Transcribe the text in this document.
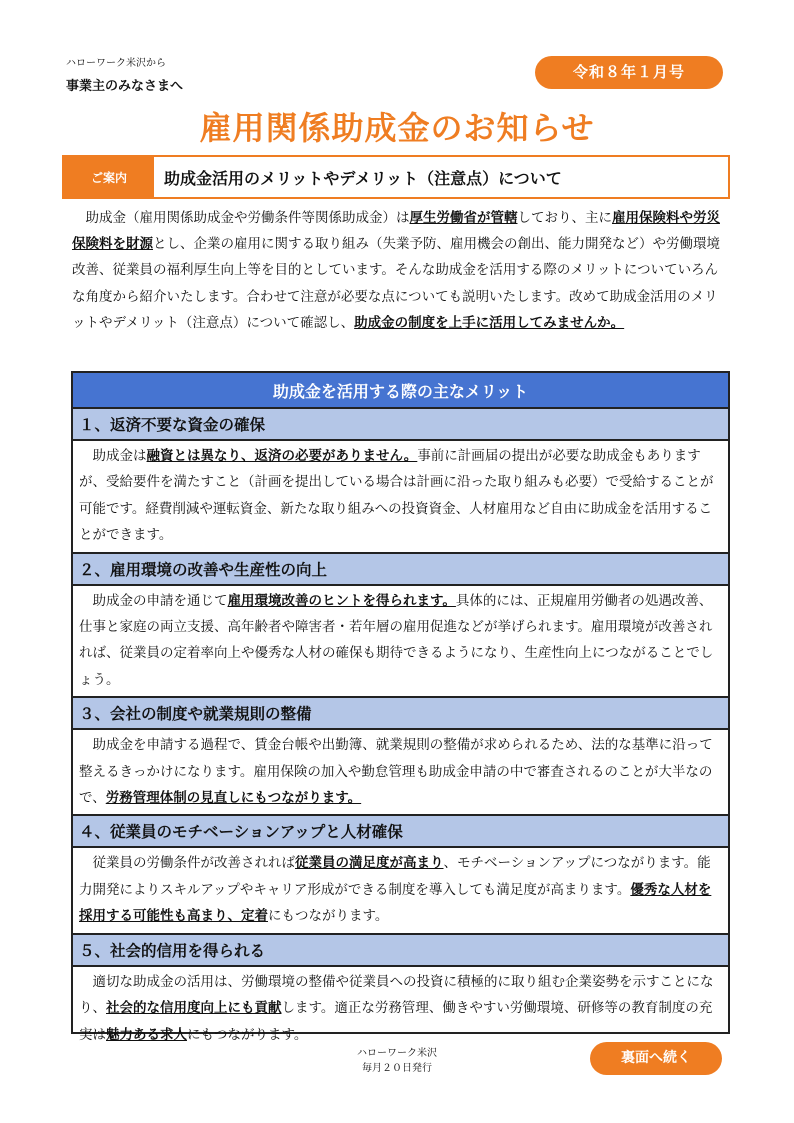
ハローワーク米沢から
事業主のみなさまへ
令和８年１月号
雇用関係助成金のお知らせ
ご案内	助成金活用のメリットやデメリット（注意点）について

助成金（雇用関係助成金や労働条件等関係助成金）は厚生労働省が管轄しており、主に雇用保険料や労災保険料を財源とし、企業の雇用に関する取り組み（失業予防、雇用機会の創出、能力開発など）や労働環境改善、従業員の福利厚生向上等を目的としています。そんな助成金を活用する際のメリットについていろんな角度から紹介いたします。合わせて注意が必要な点についても説明いたします。改めて助成金活用のメリットやデメリット（注意点）について確認し、助成金の制度を上手に活用してみませんか。

助成金を活用する際の主なメリット
１、返済不要な資金の確保

助成金は融資とは異なり、返済の必要がありません。事前に計画届の提出が必要な助成金もありますが、受給要件を満たすこと（計画を提出している場合は計画に沿った取り組みも必要）で受給することが可能です。経費削減や運転資金、新たな取り組みへの投資資金、人材雇用など自由に助成金を活用することができます。

２、雇用環境の改善や生産性の向上

助成金の申請を通じて雇用環境改善のヒントを得られます。具体的には、正規雇用労働者の処遇改善、仕事と家庭の両立支援、高年齢者や障害者・若年層の雇用促進などが挙げられます。雇用環境が改善されれば、従業員の定着率向上や優秀な人材の確保も期待できるようになり、生産性向上につながることでしょう。

３、会社の制度や就業規則の整備

助成金を申請する過程で、賃金台帳や出勤簿、就業規則の整備が求められるため、法的な基準に沿って整えるきっかけになります。雇用保険の加入や勤怠管理も助成金申請の中で審査されるのことが大半なので、労務管理体制の見直しにもつながります。

４、従業員のモチベーションアップと人材確保

従業員の労働条件が改善されれば従業員の満足度が高まり、モチベーションアップにつながります。能力開発によりスキルアップやキャリア形成ができる制度を導入しても満足度が高まります。優秀な人材を採用する可能性も高まり、定着にもつながります。

５、社会的信用を得られる

適切な助成金の活用は、労働環境の整備や従業員への投資に積極的に取り組む企業姿勢を示すことになり、社会的な信用度向上にも貢献します。適正な労務管理、働きやすい労働環境、研修等の教育制度の充実は魅力ある求人にもつながります。

ハローワーク米沢
毎月２０日発行
裏面へ続く
